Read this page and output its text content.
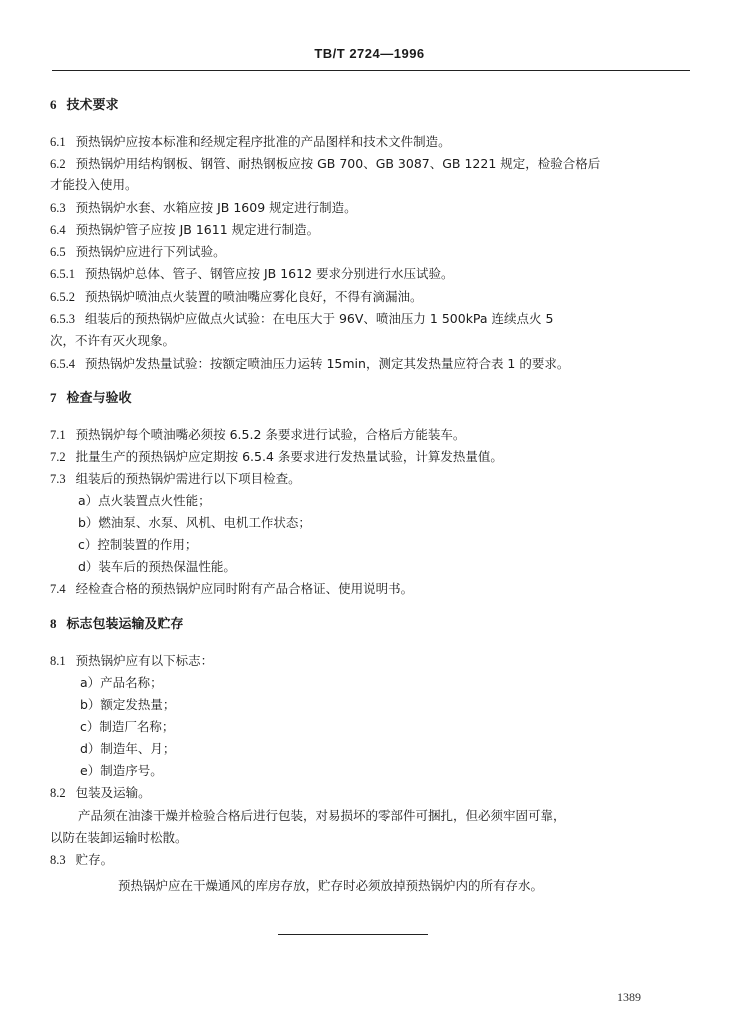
TB/T 2724—1996
6 技术要求
6.1 预热锅炉应按本标准和经规定程序批准的产品图样和技术文件制造。
6.2 预热锅炉用结构钢板、钢管、耐热钢板应按 GB 700、GB 3087、GB 1221 规定，检验合格后
才能投入使用。
6.3 预热锅炉水套、水箱应按 JB 1609 规定进行制造。
6.4 预热锅炉管子应按 JB 1611 规定进行制造。
6.5 预热锅炉应进行下列试验。
6.5.1 预热锅炉总体、管子、钢管应按 JB 1612 要求分别进行水压试验。
6.5.2 预热锅炉喷油点火装置的喷油嘴应雾化良好，不得有滴漏油。
6.5.3 组装后的预热锅炉应做点火试验：在电压大于 96V、喷油压力 1 500kPa 连续点火 5
次，不许有灭火现象。
6.5.4 预热锅炉发热量试验：按额定喷油压力运转 15min，测定其发热量应符合表 1 的要求。
7 检查与验收
7.1 预热锅炉每个喷油嘴必须按 6.5.2 条要求进行试验，合格后方能装车。
7.2 批量生产的预热锅炉应定期按 6.5.4 条要求进行发热量试验，计算发热量值。
7.3 组装后的预热锅炉需进行以下项目检查。
a）点火装置点火性能；
b）燃油泵、水泵、风机、电机工作状态；
c）控制装置的作用；
d）装车后的预热保温性能。
7.4 经检查合格的预热锅炉应同时附有产品合格证、使用说明书。
8 标志包装运输及贮存
8.1 预热锅炉应有以下标志：
a）产品名称；
b）额定发热量；
c）制造厂名称；
d）制造年、月；
e）制造序号。
8.2 包装及运输。
产品须在油漆干燥并检验合格后进行包装，对易损坏的零部件可捆扎，但必须牢固可靠，
以防在装卸运输时松散。
8.3 贮存。
预热锅炉应在干燥通风的库房存放，贮存时必须放掉预热锅炉内的所有存水。
1389
